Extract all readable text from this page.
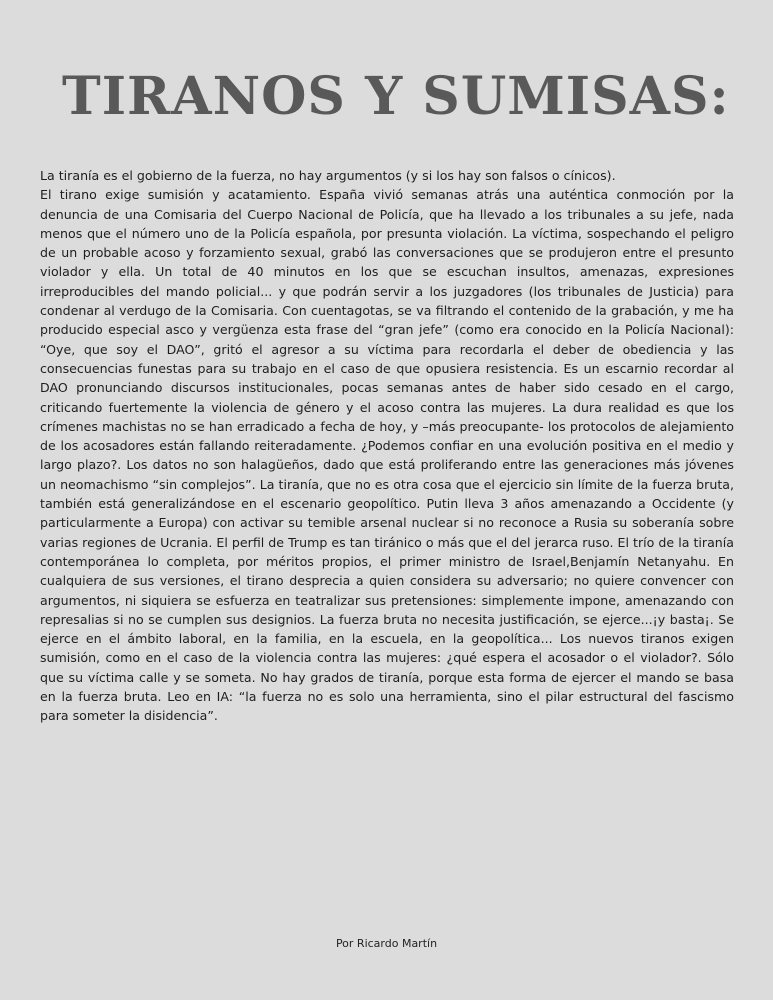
TIRANOS Y SUMISAS:

La tiranía es el gobierno de la fuerza, no hay argumentos (y si los hay son falsos o cínicos).

El tirano exige sumisión y acatamiento. España vivió semanas atrás una auténtica conmoción por la denuncia de una Comisaria del Cuerpo Nacional de Policía, que ha llevado a los tribunales a su jefe, nada menos que el número uno de la Policía española, por presunta violación. La víctima, sospechando el peligro de un probable acoso y forzamiento sexual, grabó las conversaciones que se produjeron entre el presunto violador y ella. Un total de 40 minutos en los que se escuchan insultos, amenazas, expresiones irreproducibles del mando policial... y que podrán servir a los juzgadores (los tribunales de Justicia) para condenar al verdugo de la Comisaria. Con cuentagotas, se va filtrando el contenido de la grabación, y me ha producido especial asco y vergüenza esta frase del “gran jefe” (como era conocido en la Policía Nacional): “Oye, que soy el DAO”, gritó el agresor a su víctima para recordarla el deber de obediencia y las consecuencias funestas para su trabajo en el caso de que opusiera resistencia. Es un escarnio recordar al DAO pronunciando discursos institucionales, pocas semanas antes de haber sido cesado en el cargo, criticando fuertemente la violencia de género y el acoso contra las mujeres. La dura realidad es que los crímenes machistas no se han erradicado a fecha de hoy, y –más preocupante- los protocolos de alejamiento de los acosadores están fallando reiteradamente. ¿Podemos confiar en una evolución positiva en el medio y largo plazo?. Los datos no son halagüeños, dado que está proliferando entre las generaciones más jóvenes un neomachismo “sin complejos”. La tiranía, que no es otra cosa que el ejercicio sin límite de la fuerza bruta, también está generalizándose en el escenario geopolítico. Putin lleva 3 años amenazando a Occidente (y particularmente a Europa) con activar su temible arsenal nuclear si no reconoce a Rusia su soberanía sobre varias regiones de Ucrania. El perfil de Trump es tan tiránico o más que el del jerarca ruso. El trío de la tiranía contemporánea lo completa, por méritos propios, el primer ministro de Israel,Benjamín Netanyahu. En cualquiera de sus versiones, el tirano desprecia a quien considera su adversario; no quiere convencer con argumentos, ni siquiera se esfuerza en teatralizar sus pretensiones: simplemente impone, amenazando con represalias si no se cumplen sus designios. La fuerza bruta no necesita justificación, se ejerce...¡y basta¡. Se ejerce en el ámbito laboral, en la familia, en la escuela, en la geopolítica... Los nuevos tiranos exigen sumisión, como en el caso de la violencia contra las mujeres: ¿qué espera el acosador o el violador?. Sólo que su víctima calle y se someta. No hay grados de tiranía, porque esta forma de ejercer el mando se basa en la fuerza bruta. Leo en IA: “la fuerza no es solo una herramienta, sino el pilar estructural del fascismo para someter la disidencia”.

Por Ricardo Martín
